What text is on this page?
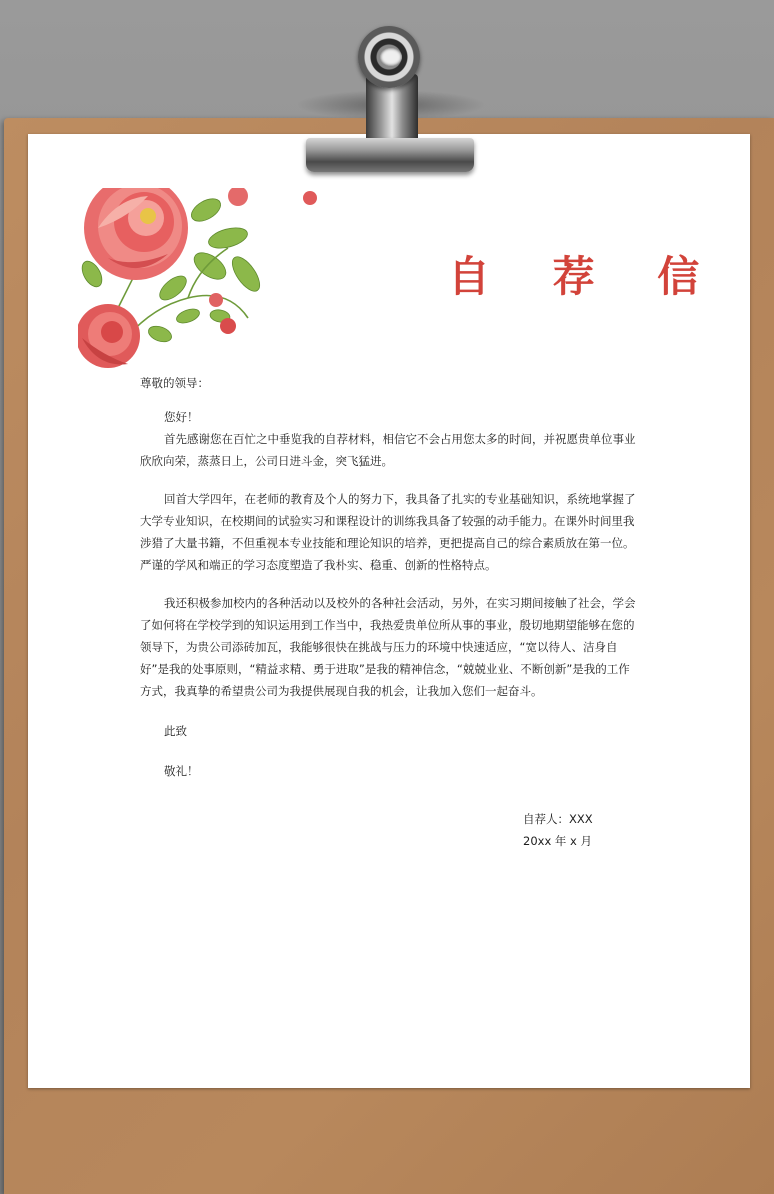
自 荐 信

尊敬的领导：

您好！

首先感谢您在百忙之中垂览我的自荐材料，相信它不会占用您太多的时间，并祝愿贵单位事业欣欣向荣，蒸蒸日上，公司日进斗金，突飞猛进。

回首大学四年，在老师的教育及个人的努力下，我具备了扎实的专业基础知识，系统地掌握了大学专业知识，在校期间的试验实习和课程设计的训练我具备了较强的动手能力。在课外时间里我涉猎了大量书籍，不但重视本专业技能和理论知识的培养，更把提高自己的综合素质放在第一位。严谨的学风和端正的学习态度塑造了我朴实、稳重、创新的性格特点。

我还积极参加校内的各种活动以及校外的各种社会活动，另外，在实习期间接触了社会，学会了如何将在学校学到的知识运用到工作当中，我热爱贵单位所从事的事业，殷切地期望能够在您的领导下，为贵公司添砖加瓦，我能够很快在挑战与压力的环境中快速适应，“宽以待人、洁身自好”是我的处事原则，“精益求精、勇于进取”是我的精神信念，“兢兢业业、不断创新”是我的工作方式，我真挚的希望贵公司为我提供展现自我的机会，让我加入您们一起奋斗。

此致

敬礼！

自荐人：XXX

20xx 年 x 月
